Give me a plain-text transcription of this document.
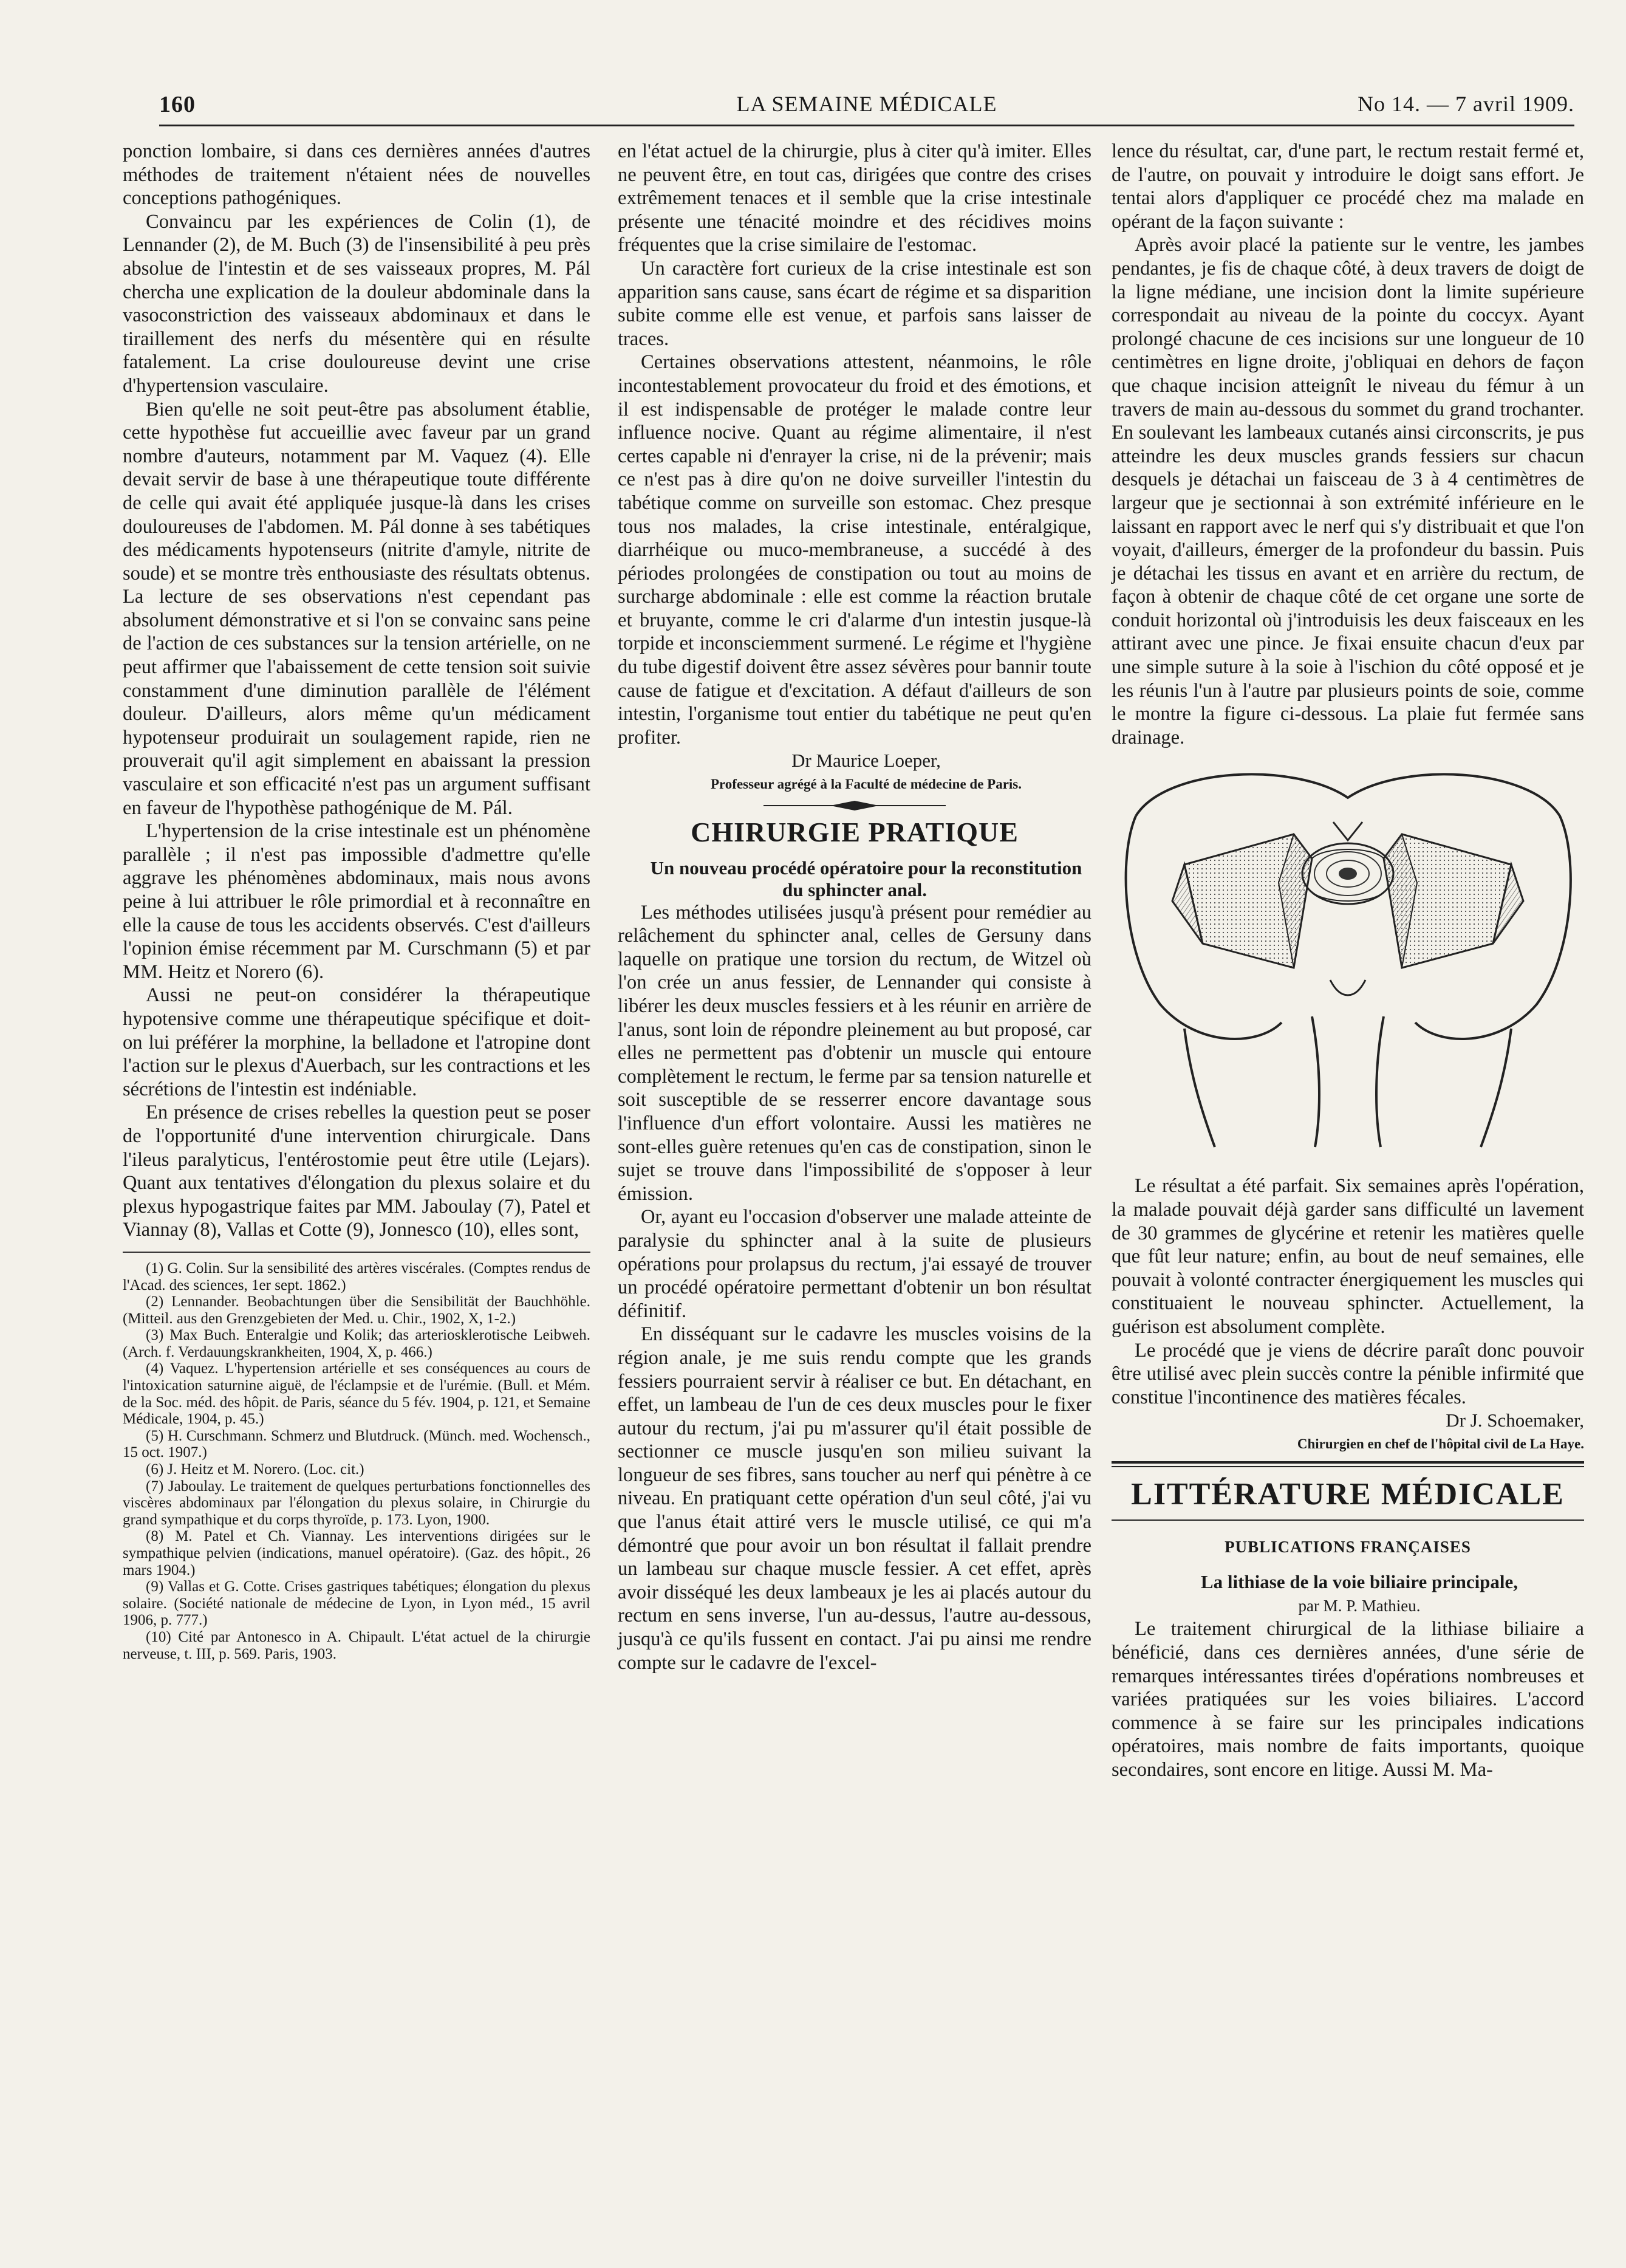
160	LA SEMAINE MÉDICALE	No 14. — 7 avril 1909.

ponction lombaire, si dans ces dernières années d'autres méthodes de traitement n'étaient nées de nouvelles conceptions pathogéniques.

Convaincu par les expériences de Colin (1), de Lennander (2), de M. Buch (3) de l'insensibilité à peu près absolue de l'intestin et de ses vaisseaux propres, M. Pál chercha une explication de la douleur abdominale dans la vasoconstriction des vaisseaux abdominaux et dans le tiraillement des nerfs du mésentère qui en résulte fatalement. La crise douloureuse devint une crise d'hypertension vasculaire.

Bien qu'elle ne soit peut-être pas absolument établie, cette hypothèse fut accueillie avec faveur par un grand nombre d'auteurs, notamment par M. Vaquez (4). Elle devait servir de base à une thérapeutique toute différente de celle qui avait été appliquée jusque-là dans les crises douloureuses de l'abdomen. M. Pál donne à ses tabétiques des médicaments hypotenseurs (nitrite d'amyle, nitrite de soude) et se montre très enthousiaste des résultats obtenus. La lecture de ses observations n'est cependant pas absolument démonstrative et si l'on se convainc sans peine de l'action de ces substances sur la tension artérielle, on ne peut affirmer que l'abaissement de cette tension soit suivie constamment d'une diminution parallèle de l'élément douleur. D'ailleurs, alors même qu'un médicament hypotenseur produirait un soulagement rapide, rien ne prouverait qu'il agit simplement en abaissant la pression vasculaire et son efficacité n'est pas un argument suffisant en faveur de l'hypothèse pathogénique de M. Pál.

L'hypertension de la crise intestinale est un phénomène parallèle ; il n'est pas impossible d'admettre qu'elle aggrave les phénomènes abdominaux, mais nous avons peine à lui attribuer le rôle primordial et à reconnaître en elle la cause de tous les accidents observés. C'est d'ailleurs l'opinion émise récemment par M. Curschmann (5) et par MM. Heitz et Norero (6).

Aussi ne peut-on considérer la thérapeutique hypotensive comme une thérapeutique spécifique et doit-on lui préférer la morphine, la belladone et l'atropine dont l'action sur le plexus d'Auerbach, sur les contractions et les sécrétions de l'intestin est indéniable.

En présence de crises rebelles la question peut se poser de l'opportunité d'une intervention chirurgicale. Dans l'ileus paralyticus, l'entérostomie peut être utile (Lejars). Quant aux tentatives d'élongation du plexus solaire et du plexus hypogastrique faites par MM. Jaboulay (7), Patel et Viannay (8), Vallas et Cotte (9), Jonnesco (10), elles sont,

(1) G. Colin. Sur la sensibilité des artères viscérales. (Comptes rendus de l'Acad. des sciences, 1er sept. 1862.)

(2) Lennander. Beobachtungen über die Sensibilität der Bauchhöhle. (Mitteil. aus den Grenzgebieten der Med. u. Chir., 1902, X, 1-2.)

(3) Max Buch. Enteralgie und Kolik; das arteriosklerotische Leibweh. (Arch. f. Verdauungskrankheiten, 1904, X, p. 466.)

(4) Vaquez. L'hypertension artérielle et ses conséquences au cours de l'intoxication saturnine aiguë, de l'éclampsie et de l'urémie. (Bull. et Mém. de la Soc. méd. des hôpit. de Paris, séance du 5 fév. 1904, p. 121, et Semaine Médicale, 1904, p. 45.)

(5) H. Curschmann. Schmerz und Blutdruck. (Münch. med. Wochensch., 15 oct. 1907.)

(6) J. Heitz et M. Norero. (Loc. cit.)

(7) Jaboulay. Le traitement de quelques perturbations fonctionnelles des viscères abdominaux par l'élongation du plexus solaire, in Chirurgie du grand sympathique et du corps thyroïde, p. 173. Lyon, 1900.

(8) M. Patel et Ch. Viannay. Les interventions dirigées sur le sympathique pelvien (indications, manuel opératoire). (Gaz. des hôpit., 26 mars 1904.)

(9) Vallas et G. Cotte. Crises gastriques tabétiques; élongation du plexus solaire. (Société nationale de médecine de Lyon, in Lyon méd., 15 avril 1906, p. 777.)

(10) Cité par Antonesco in A. Chipault. L'état actuel de la chirurgie nerveuse, t. III, p. 569. Paris, 1903.

en l'état actuel de la chirurgie, plus à citer qu'à imiter. Elles ne peuvent être, en tout cas, dirigées que contre des crises extrêmement tenaces et il semble que la crise intestinale présente une ténacité moindre et des récidives moins fréquentes que la crise similaire de l'estomac.

Un caractère fort curieux de la crise intestinale est son apparition sans cause, sans écart de régime et sa disparition subite comme elle est venue, et parfois sans laisser de traces.

Certaines observations attestent, néanmoins, le rôle incontestablement provocateur du froid et des émotions, et il est indispensable de protéger le malade contre leur influence nocive. Quant au régime alimentaire, il n'est certes capable ni d'enrayer la crise, ni de la prévenir; mais ce n'est pas à dire qu'on ne doive surveiller l'intestin du tabétique comme on surveille son estomac. Chez presque tous nos malades, la crise intestinale, entéralgique, diarrhéique ou muco-membraneuse, a succédé à des périodes prolongées de constipation ou tout au moins de surcharge abdominale : elle est comme la réaction brutale et bruyante, comme le cri d'alarme d'un intestin jusque-là torpide et inconsciemment surmené. Le régime et l'hygiène du tube digestif doivent être assez sévères pour bannir toute cause de fatigue et d'excitation. A défaut d'ailleurs de son intestin, l'organisme tout entier du tabétique ne peut qu'en profiter.

Dr Maurice Loeper,

Professeur agrégé à la Faculté de médecine de Paris.

CHIRURGIE PRATIQUE

Un nouveau procédé opératoire pour la reconstitution du sphincter anal.

Les méthodes utilisées jusqu'à présent pour remédier au relâchement du sphincter anal, celles de Gersuny dans laquelle on pratique une torsion du rectum, de Witzel où l'on crée un anus fessier, de Lennander qui consiste à libérer les deux muscles fessiers et à les réunir en arrière de l'anus, sont loin de répondre pleinement au but proposé, car elles ne permettent pas d'obtenir un muscle qui entoure complètement le rectum, le ferme par sa tension naturelle et soit susceptible de se resserrer encore davantage sous l'influence d'un effort volontaire. Aussi les matières ne sont-elles guère retenues qu'en cas de constipation, sinon le sujet se trouve dans l'impossibilité de s'opposer à leur émission.

Or, ayant eu l'occasion d'observer une malade atteinte de paralysie du sphincter anal à la suite de plusieurs opérations pour prolapsus du rectum, j'ai essayé de trouver un procédé opératoire permettant d'obtenir un bon résultat définitif.

En disséquant sur le cadavre les muscles voisins de la région anale, je me suis rendu compte que les grands fessiers pourraient servir à réaliser ce but. En détachant, en effet, un lambeau de l'un de ces deux muscles pour le fixer autour du rectum, j'ai pu m'assurer qu'il était possible de sectionner ce muscle jusqu'en son milieu suivant la longueur de ses fibres, sans toucher au nerf qui pénètre à ce niveau. En pratiquant cette opération d'un seul côté, j'ai vu que l'anus était attiré vers le muscle utilisé, ce qui m'a démontré que pour avoir un bon résultat il fallait prendre un lambeau sur chaque muscle fessier. A cet effet, après avoir disséqué les deux lambeaux je les ai placés autour du rectum en sens inverse, l'un au-dessus, l'autre au-dessous, jusqu'à ce qu'ils fussent en contact. J'ai pu ainsi me rendre compte sur le cadavre de l'excel-

lence du résultat, car, d'une part, le rectum restait fermé et, de l'autre, on pouvait y introduire le doigt sans effort. Je tentai alors d'appliquer ce procédé chez ma malade en opérant de la façon suivante :

Après avoir placé la patiente sur le ventre, les jambes pendantes, je fis de chaque côté, à deux travers de doigt de la ligne médiane, une incision dont la limite supérieure correspondait au niveau de la pointe du coccyx. Ayant prolongé chacune de ces incisions sur une longueur de 10 centimètres en ligne droite, j'obliquai en dehors de façon que chaque incision atteignît le niveau du fémur à un travers de main au-dessous du sommet du grand trochanter. En soulevant les lambeaux cutanés ainsi circonscrits, je pus atteindre les deux muscles grands fessiers sur chacun desquels je détachai un faisceau de 3 à 4 centimètres de largeur que je sectionnai à son extrémité inférieure en le laissant en rapport avec le nerf qui s'y distribuait et que l'on voyait, d'ailleurs, émerger de la profondeur du bassin. Puis je détachai les tissus en avant et en arrière du rectum, de façon à obtenir de chaque côté de cet organe une sorte de conduit horizontal où j'introduisis les deux faisceaux en les attirant avec une pince. Je fixai ensuite chacun d'eux par une simple suture à la soie à l'ischion du côté opposé et je les réunis l'un à l'autre par plusieurs points de soie, comme le montre la figure ci-dessous. La plaie fut fermée sans drainage.

Le résultat a été parfait. Six semaines après l'opération, la malade pouvait déjà garder sans difficulté un lavement de 30 grammes de glycérine et retenir les matières quelle que fût leur nature; enfin, au bout de neuf semaines, elle pouvait à volonté contracter énergiquement les muscles qui constituaient le nouveau sphincter. Actuellement, la guérison est absolument complète.

Le procédé que je viens de décrire paraît donc pouvoir être utilisé avec plein succès contre la pénible infirmité que constitue l'incontinence des matières fécales.

Dr J. Schoemaker,

Chirurgien en chef de l'hôpital civil de La Haye.

LITTÉRATURE MÉDICALE
PUBLICATIONS FRANÇAISES

La lithiase de la voie biliaire principale,

par M. P. Mathieu.

Le traitement chirurgical de la lithiase biliaire a bénéficié, dans ces dernières années, d'une série de remarques intéressantes tirées d'opérations nombreuses et variées pratiquées sur les voies biliaires. L'accord commence à se faire sur les principales indications opératoires, mais nombre de faits importants, quoique secondaires, sont encore en litige. Aussi M. Ma-
